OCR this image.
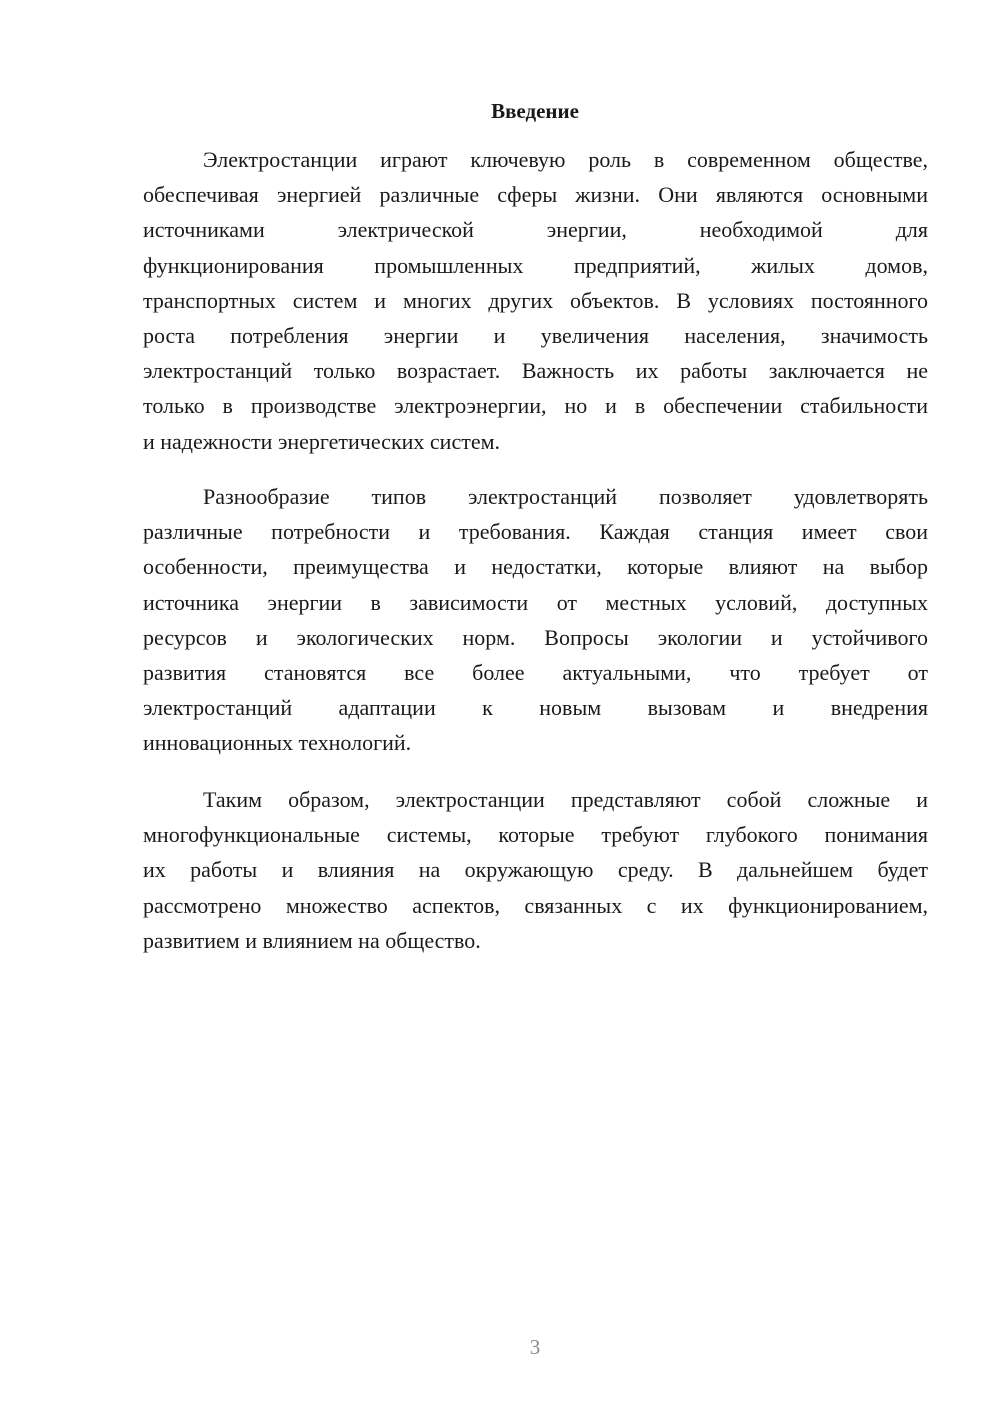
Введение
Электростанции играют ключевую роль в современном обществе,
обеспечивая энергией различные сферы жизни. Они являются основными
источниками электрической энергии, необходимой для
функционирования промышленных предприятий, жилых домов,
транспортных систем и многих других объектов. В условиях постоянного
роста потребления энергии и увеличения населения, значимость
электростанций только возрастает. Важность их работы заключается не
только в производстве электроэнергии, но и в обеспечении стабильности
и надежности энергетических систем.
Разнообразие типов электростанций позволяет удовлетворять
различные потребности и требования. Каждая станция имеет свои
особенности, преимущества и недостатки, которые влияют на выбор
источника энергии в зависимости от местных условий, доступных
ресурсов и экологических норм. Вопросы экологии и устойчивого
развития становятся все более актуальными, что требует от
электростанций адаптации к новым вызовам и внедрения
инновационных технологий.
Таким образом, электростанции представляют собой сложные и
многофункциональные системы, которые требуют глубокого понимания
их работы и влияния на окружающую среду. В дальнейшем будет
рассмотрено множество аспектов, связанных с их функционированием,
развитием и влиянием на общество.
3
